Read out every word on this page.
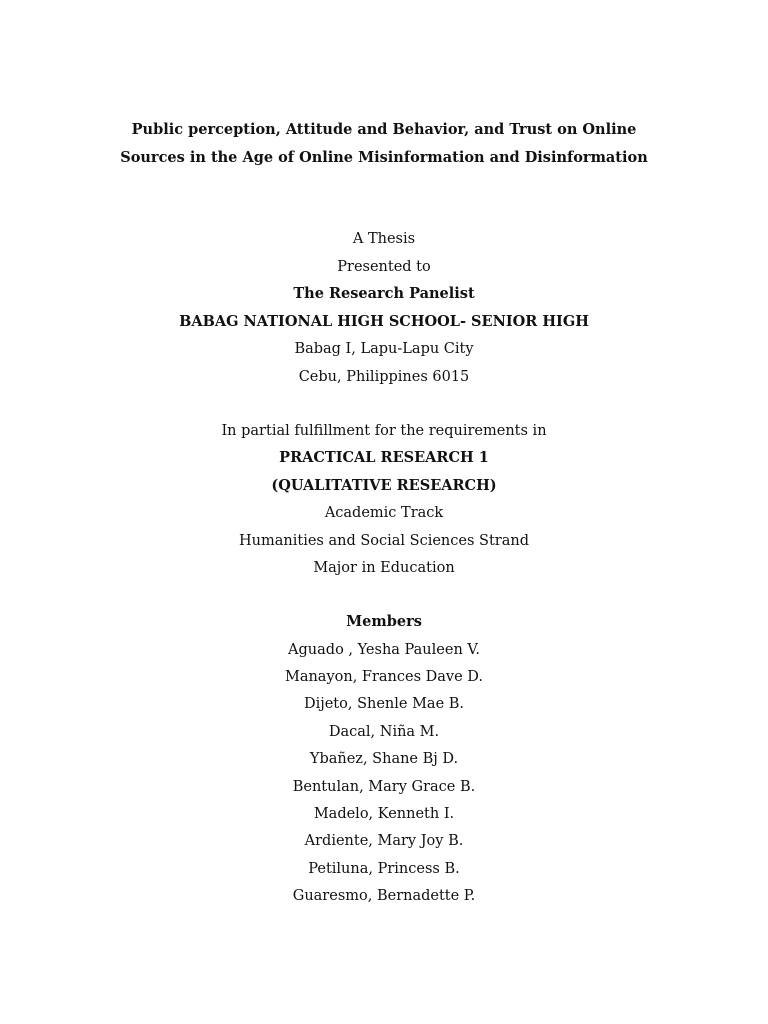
Public perception, Attitude and Behavior, and Trust on Online

Sources in the Age of Online Misinformation and Disinformation

A Thesis

Presented to

The Research Panelist

BABAG NATIONAL HIGH SCHOOL- SENIOR HIGH

Babag I, Lapu-Lapu City

Cebu, Philippines 6015

In partial fulfillment for the requirements in

PRACTICAL RESEARCH 1

(QUALITATIVE RESEARCH)

Academic Track

Humanities and Social Sciences Strand

Major in Education

Members

Aguado , Yesha Pauleen V.

Manayon, Frances Dave D.

Dijeto, Shenle Mae B.

Dacal, Niña M.

Ybañez, Shane Bj D.

Bentulan, Mary Grace B.

Madelo, Kenneth I.

Ardiente, Mary Joy B.

Petiluna, Princess B.

Guaresmo, Bernadette P.
